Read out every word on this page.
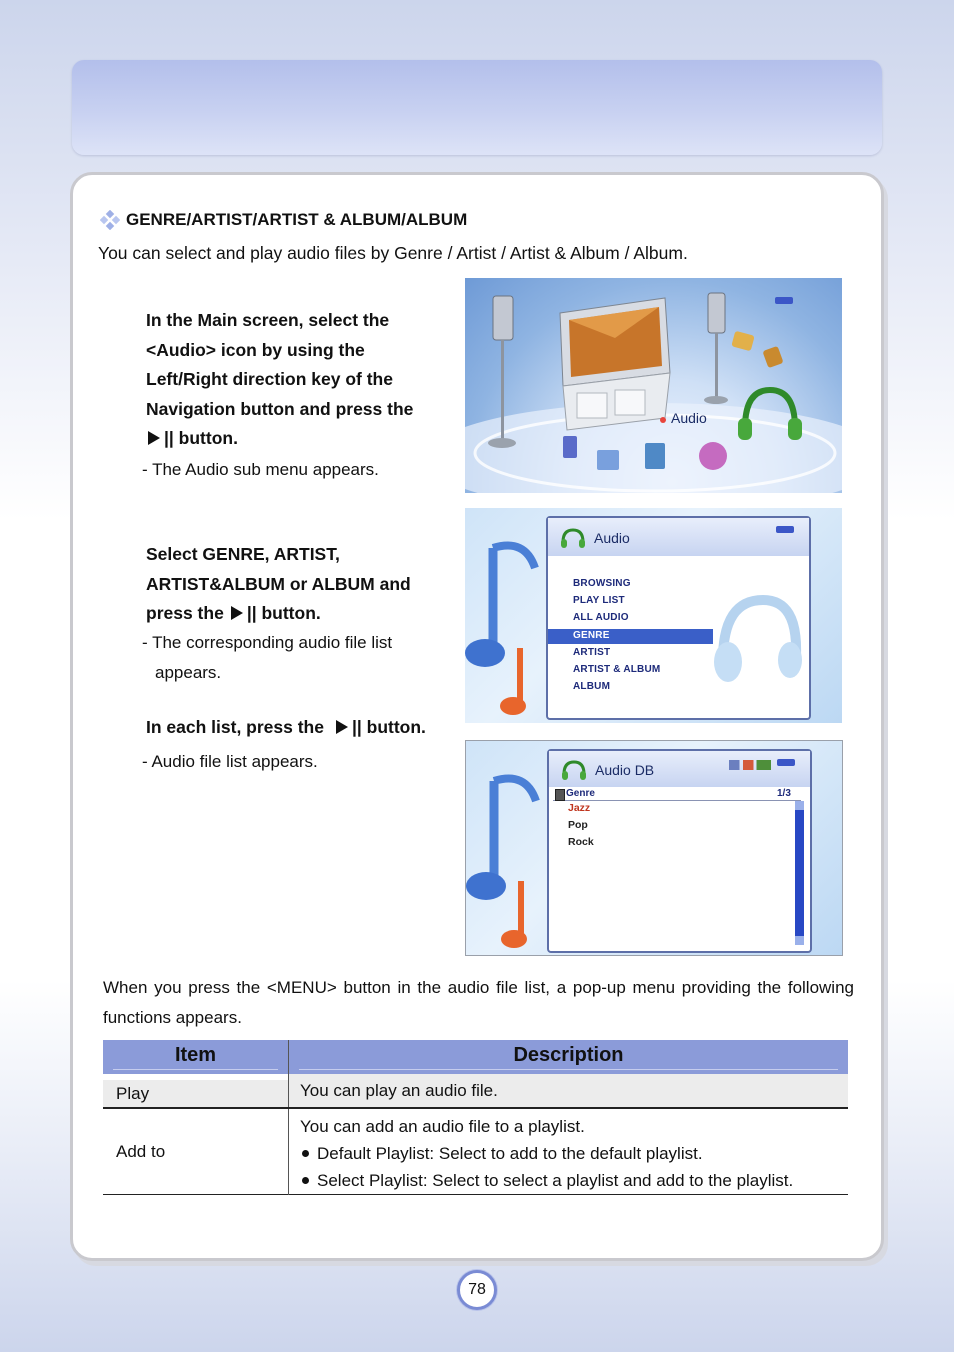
GENRE/ARTIST/ARTIST & ALBUM/ALBUM
You can select and play audio files by Genre / Artist / Artist & Album / Album.
In the Main screen, select the
<Audio> icon by using the
Left/Right direction key of the
Navigation button and press the
|| button.
- The Audio sub menu appears.
Audio
Select GENRE, ARTIST,
ARTIST&ALBUM or ALBUM and
press the || button.
- The corresponding audio file list
appears.
Audio
BROWSING
PLAY LIST
ALL AUDIO
GENRE
ARTIST
ARTIST & ALBUM
ALBUM
In each list, press the || button.
- Audio file list appears.	Audio DB
Genre	1/3
Jazz
Pop
Rock
When you press the <MENU> button in the audio file list, a pop-up menu providing the following functions appears.
Item	Description

Play	You can play an audio file.
Add to	You can add an audio file to a playlist.
Default Playlist: Select to add to the default playlist.
Select Playlist: Select to select a playlist and add to the playlist.
78
